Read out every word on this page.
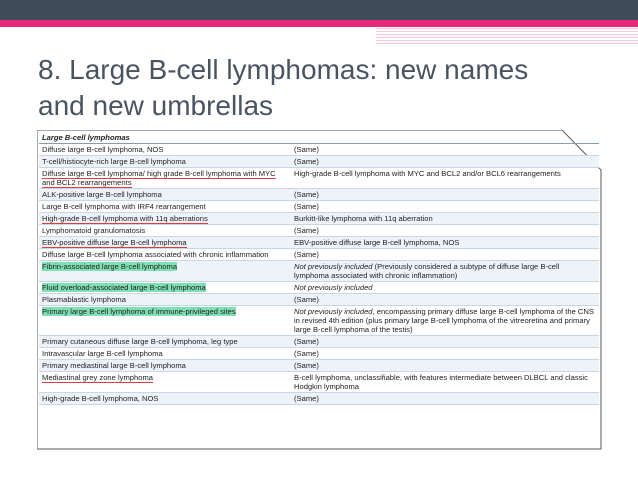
8. Large B-cell lymphomas: new names
and new umbrellas
Large B-cell lymphomas	
Diffuse large B-cell lymphoma, NOS	(Same)
T-cell/histiocyte-rich large B-cell lymphoma	(Same)
Diffuse large B-cell lymphoma/ high grade B-cell lymphoma with MYC and BCL2 rearrangements	High-grade B-cell lymphoma with MYC and BCL2 and/or BCL6 rearrangements
ALK-positive large B-cell lymphoma	(Same)
Large B-cell lymphoma with IRF4 rearrangement	(Same)
High-grade B-cell lymphoma with 11q aberrations	Burkitt-like lymphoma with 11q aberration
Lymphomatoid granulomatosis	(Same)
EBV-positive diffuse large B-cell lymphoma	EBV-positive diffuse large B-cell lymphoma, NOS
Diffuse large B-cell lymphoma associated with chronic inflammation	(Same)
Fibrin-associated large B-cell lymphoma	Not previously included (Previously considered a subtype of diffuse large B-cell lymphoma associated with chronic inflammation)
Fluid overload-associated large B-cell lymphoma	Not previously included
Plasmablastic lymphoma	(Same)
Primary large B-cell lymphoma of immune-privileged sites	Not previously included, encompassing primary diffuse large B-cell lymphoma of the CNS in revised 4th edition (plus primary large B-cell lymphoma of the vitreoretina and primary large B-cell lymphoma of the testis)
Primary cutaneous diffuse large B-cell lymphoma, leg type	(Same)
Intravascular large B-cell lymphoma	(Same)
Primary mediastinal large B-cell lymphoma	(Same)
Mediastinal grey zone lymphoma	B-cell lymphoma, unclassifiable, with features intermediate between DLBCL and classic Hodgkin lymphoma
High-grade B-cell lymphoma, NOS	(Same)
